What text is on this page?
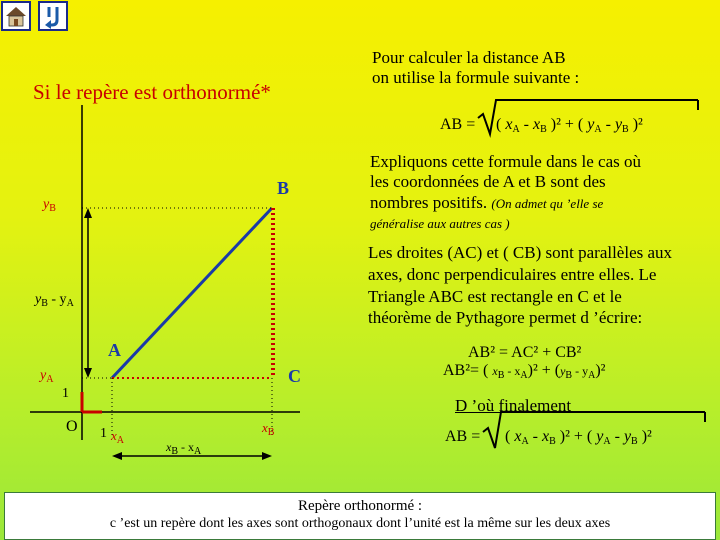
Pour calculer la distance AB
on utilise la formule suivante :
Si le repère est orthonormé*
AB = ( $x_A - x_B$ )² + ( $y_A - y_B$ )²
Expliquons cette formule dans le cas où
les coordonnées de A et B sont des
nombres positifs. (On admet qu ’elle se
généralise aux autres cas )
Les droites (AC) et ( CB) sont parallèles aux
axes, donc perpendiculaires entre elles. Le
Triangle ABC est rectangle en C et le
théorème de Pythagore permet d ’écrire:
AB² = AC² + CB²
AB²= ( $x_B - x_A)^2 + (y_B - y_A)^2$
D ’où finalement
AB = ( $x_A - x_B$ )² + ( $y_A - y_B$ )²
B
A
C
O
$y_B$
$y_A$
$y_B - y_A$
1
1 $x_A$
$x_B$
$x_B - x_A$
Repère orthonormé :
c ’est un repère dont les axes sont orthogonaux dont l’unité est la même sur les deux axes
